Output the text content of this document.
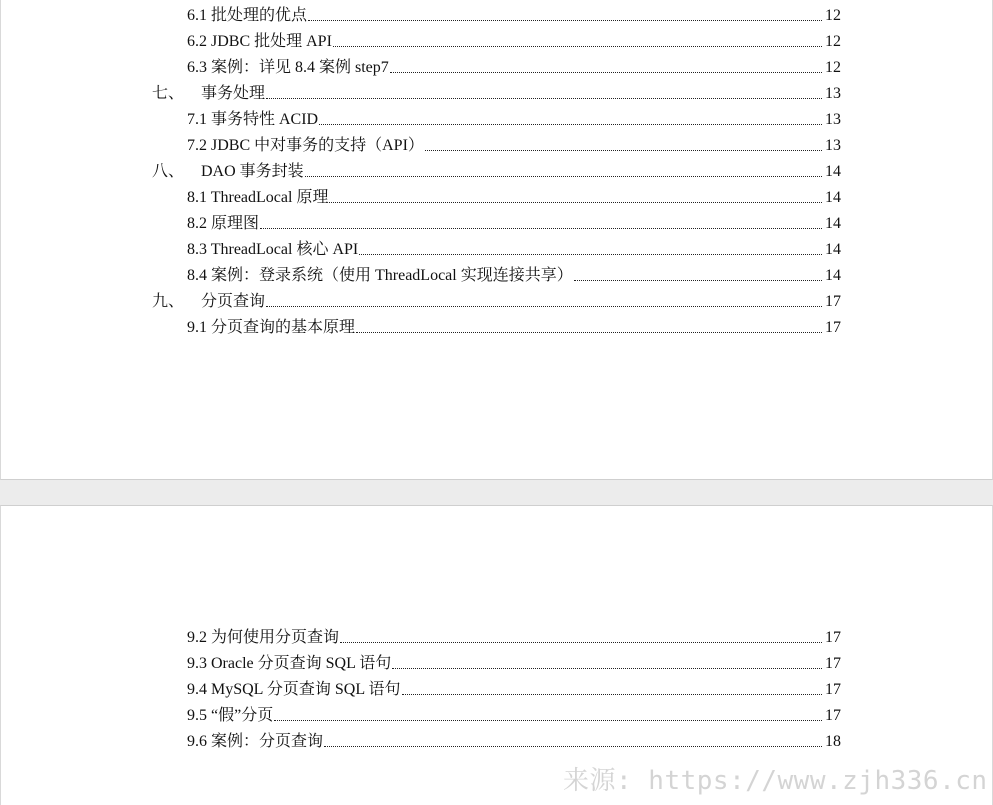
6.1 批处理的优点	12
6.2 JDBC 批处理 API	12
6.3 案例：详见 8.4 案例 step7	12
七、	事务处理	13
7.1 事务特性 ACID	13
7.2 JDBC 中对事务的支持（API）	13
八、	DAO 事务封装	14
8.1 ThreadLocal 原理	14
8.2 原理图	14
8.3 ThreadLocal 核心 API	14
8.4 案例：登录系统（使用 ThreadLocal 实现连接共享）	14
九、	分页查询	17
9.1 分页查询的基本原理	17
9.2 为何使用分页查询	17
9.3 Oracle 分页查询 SQL 语句	17
9.4 MySQL 分页查询 SQL 语句	17
9.5 “假”分页	17
9.6 案例：分页查询	18
来源: https://www.zjh336.cn
